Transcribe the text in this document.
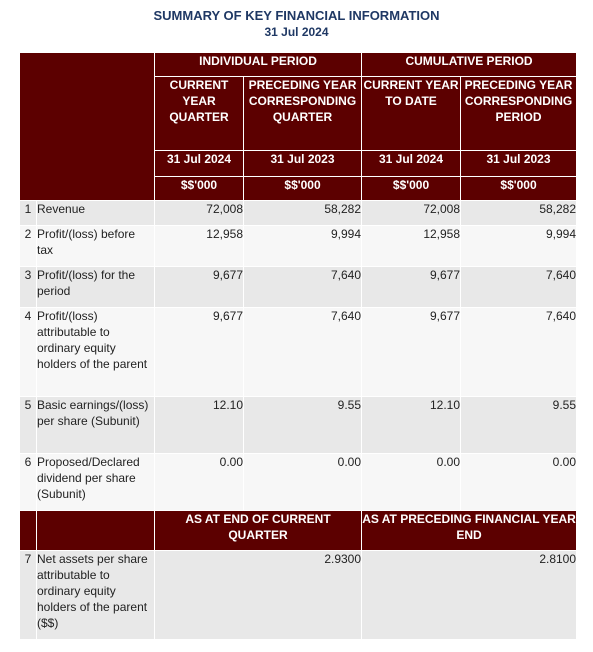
SUMMARY OF KEY FINANCIAL INFORMATION
31 Jul 2024
		INDIVIDUAL PERIOD		CUMULATIVE PERIOD	
		CURRENT YEAR QUARTER	PRECEDING YEAR CORRESPONDING QUARTER	CURRENT YEAR TO DATE	PRECEDING YEAR CORRESPONDING PERIOD
		31 Jul 2024	31 Jul 2023	31 Jul 2024	31 Jul 2023
		$$'000	$$'000	$$'000	$$'000
1	Revenue	72,008	58,282	72,008	58,282
2	Profit/(loss) before tax	12,958	9,994	12,958	9,994
3	Profit/(loss) for the period	9,677	7,640	9,677	7,640
4	Profit/(loss) attributable to ordinary equity holders of the parent	9,677	7,640	9,677	7,640
5	Basic earnings/(loss) per share (Subunit)	12.10	9.55	12.10	9.55
6	Proposed/Declared dividend per share (Subunit)	0.00	0.00	0.00	0.00
		AS AT END OF CURRENT QUARTER		AS AT PRECEDING FINANCIAL YEAR END	
7	Net assets per share attributable to ordinary equity holders of the parent ($$)	2.9300		2.8100	
